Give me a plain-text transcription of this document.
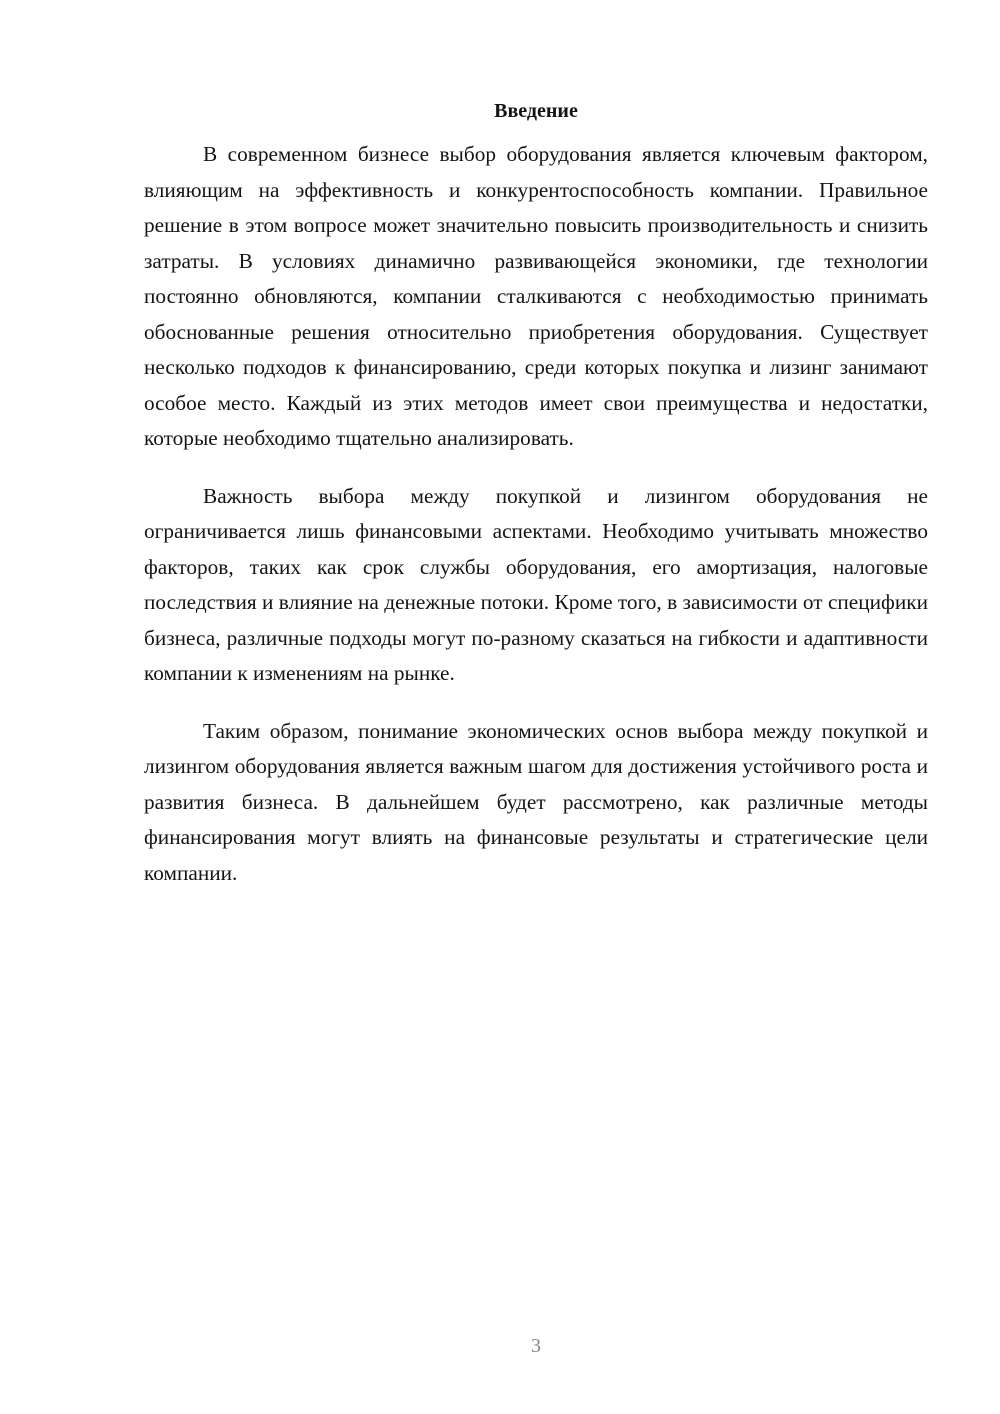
Введение

В современном бизнесе выбор оборудования является ключевым фактором, влияющим на эффективность и конкурентоспособность компании. Правильное решение в этом вопросе может значительно повысить производительность и снизить затраты. В условиях динамично развивающейся экономики, где технологии постоянно обновляются, компании сталкиваются с необходимостью принимать обоснованные решения относительно приобретения оборудования. Существует несколько подходов к финансированию, среди которых покупка и лизинг занимают особое место. Каждый из этих методов имеет свои преимущества и недостатки, которые необходимо тщательно анализировать.

Важность выбора между покупкой и лизингом оборудования не ограничивается лишь финансовыми аспектами. Необходимо учитывать множество факторов, таких как срок службы оборудования, его амортизация, налоговые последствия и влияние на денежные потоки. Кроме того, в зависимости от специфики бизнеса, различные подходы могут по-разному сказаться на гибкости и адаптивности компании к изменениям на рынке.

Таким образом, понимание экономических основ выбора между покупкой и лизингом оборудования является важным шагом для достижения устойчивого роста и развития бизнеса. В дальнейшем будет рассмотрено, как различные методы финансирования могут влиять на финансовые результаты и стратегические цели компании.

3
